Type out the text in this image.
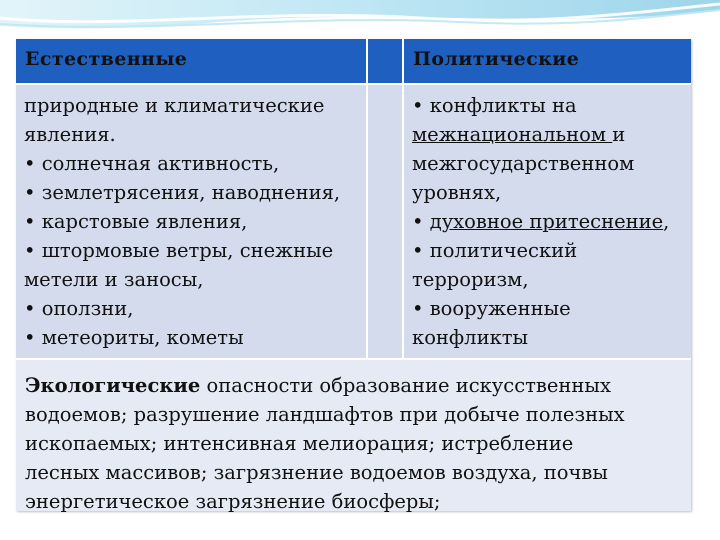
Естественные	Политические
природные и климатические
явления.
• солнечная активность,
• землетрясения, наводнения,
• карстовые явления,
• штормовые ветры, снежные
метели и заносы,
• оползни,
• метеориты, кометы
• конфликты на
межнациональном и
межгосударственном
уровнях,
• духовное притеснение,
• политический
терроризм,
• вооруженные
конфликты
Экологические опасности образование искусственных
водоемов; разрушение ландшафтов при добыче полезных
ископаемых; интенсивная мелиорация; истребление
лесных массивов; загрязнение водоемов воздуха, почвы
энергетическое загрязнение биосферы;
